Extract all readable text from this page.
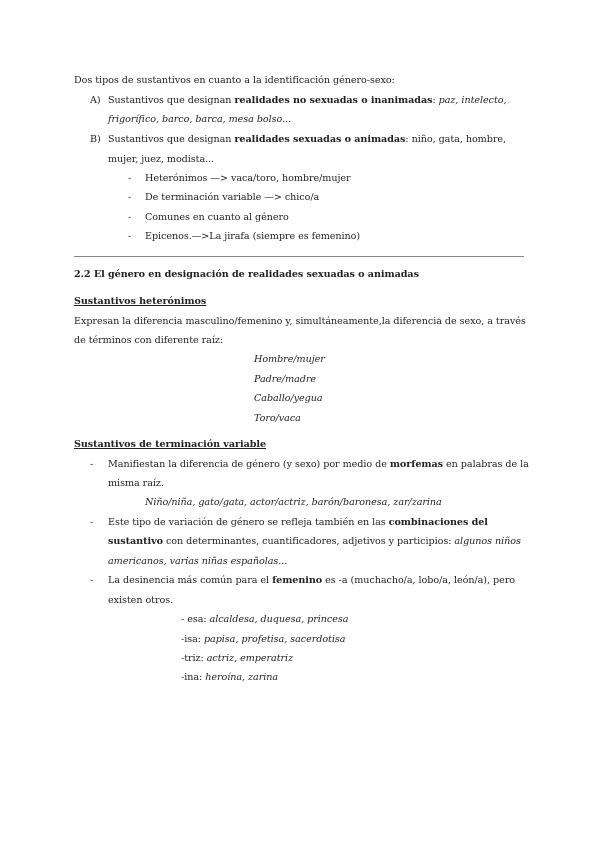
Dos tipos de sustantivos en cuanto a la identificación género-sexo:
A) Sustantivos que designan realidades no sexuadas o inanimadas: paz, intelecto,
frigorífico, barco, barca, mesa bolso...
B) Sustantivos que designan realidades sexuadas o animadas: niño, gata, hombre,
mujer, juez, modista...
- Heterónimos —> vaca/toro, hombre/mujer
- De terminación variable —> chico/a
- Comunes en cuanto al género
- Epicenos.—>La jirafa (siempre es femenino)
2.2 El género en designación de realidades sexuadas o animadas
Sustantivos heterónimos
Expresan la diferencia masculino/femenino y, simultáneamente,la diferencia de sexo, a través
de términos con diferente raíz:
Hombre/mujer
Padre/madre
Caballo/yegua
Toro/vaca
Sustantivos de terminación variable
- Manifiestan la diferencia de género (y sexo) por medio de morfemas en palabras de la
misma raíz.
Niño/niña, gato/gata, actor/actriz, barón/baronesa, zar/zarina
- Este tipo de variación de género se refleja también en las combinaciones del
sustantivo con determinantes, cuantificadores, adjetivos y participios: algunos niños
americanos, varias niñas españolas...
- La desinencia más común para el femenino es -a (muchacho/a, lobo/a, león/a), pero
existen otros.
- esa: alcaldesa, duquesa, princesa
-isa: papisa, profetisa, sacerdotisa
-triz: actriz, emperatriz
-ina: heroína, zarina
